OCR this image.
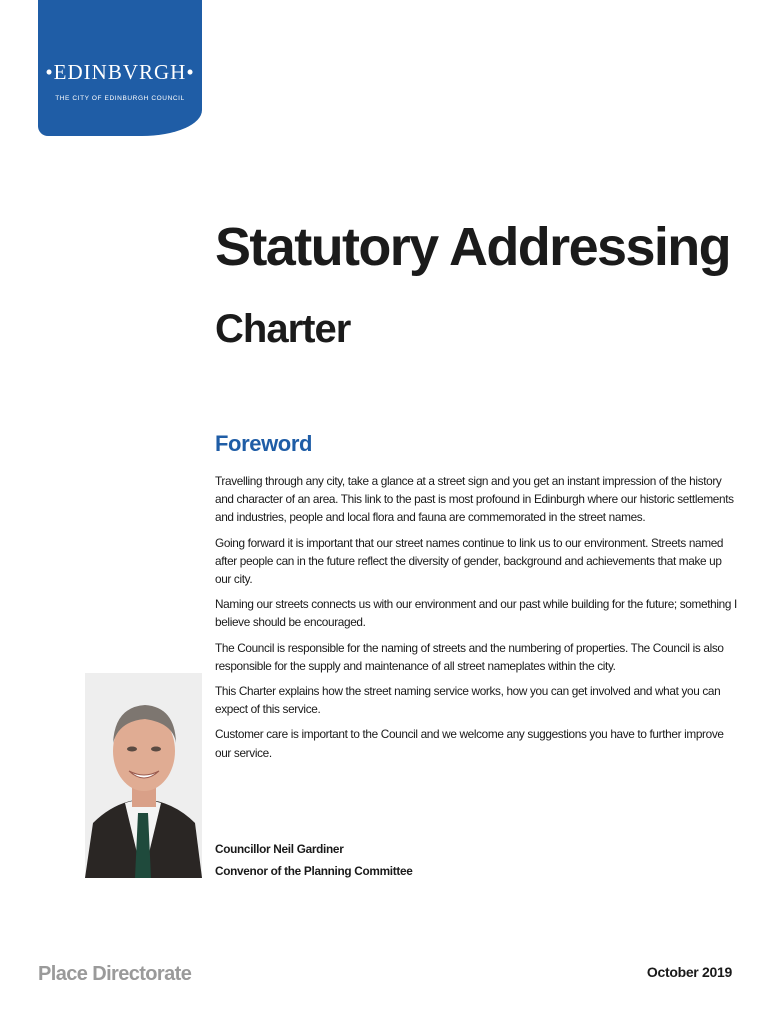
•EDINBVRGH•
THE CITY OF EDINBURGH COUNCIL
Statutory Addressing
Charter
Foreword

Travelling through any city, take a glance at a street sign and you get an instant impression of the history and character of an area. This link to the past is most profound in Edinburgh where our historic settlements and industries, people and local flora and fauna are commemorated in the street names.

Going forward it is important that our street names continue to link us to our environment. Streets named after people can in the future reflect the diversity of gender, background and achievements that make up our city.

Naming our streets connects us with our environment and our past while building for the future; something I believe should be encouraged.

The Council is responsible for the naming of streets and the numbering of properties. The Council is also responsible for the supply and maintenance of all street nameplates within the city.

This Charter explains how the street naming service works, how you can get involved and what you can expect of this service.

Customer care is important to the Council and we welcome any suggestions you have to further improve our service.

Councillor Neil Gardiner
Convenor of the Planning Committee
Place Directorate	October 2019
